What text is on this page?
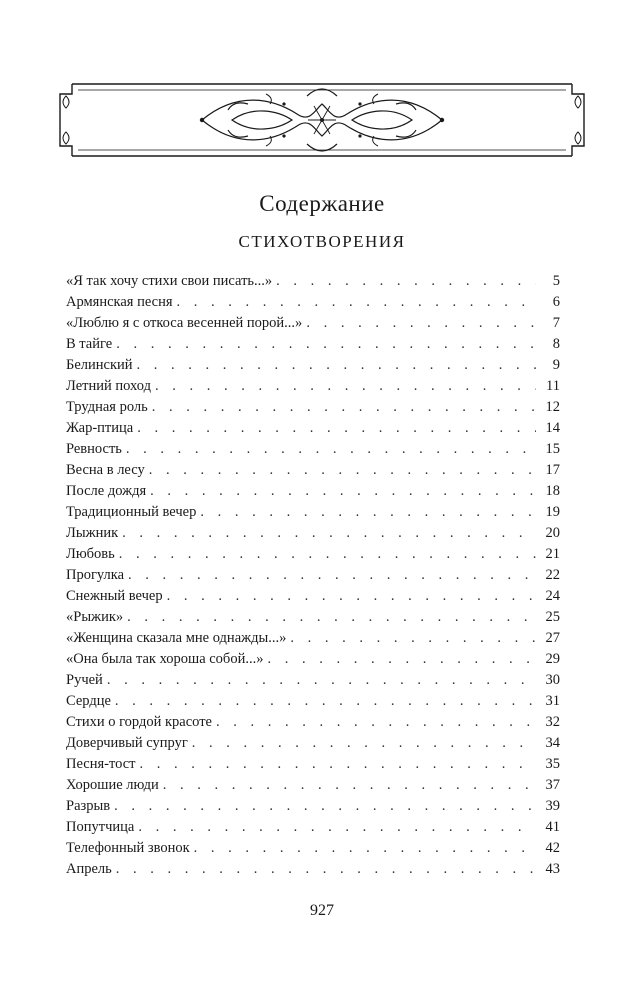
Содержание
СТИХОТВОРЕНИЯ
«Я так хочу стихи свои писать...» . . .	5
Армянская песня . . .	6
«Люблю я с откоса весенней порой...» . . .	7
В тайге . . .	8
Белинский . . .	9
Летний поход . . .	11
Трудная роль . . .	12
Жар-птица . . .	14
Ревность . . .	15
Весна в лесу . . .	17
После дождя . . .	18
Традиционный вечер . . .	19
Лыжник . . .	20
Любовь . . .	21
Прогулка . . .	22
Снежный вечер . . .	24
«Рыжик» . . .	25
«Женщина сказала мне однажды...» . . .	27
«Она была так хороша собой...» . . .	29
Ручей . . .	30
Сердце . . .	31
Стихи о гордой красоте . . .	32
Доверчивый супруг . . .	34
Песня-тост . . .	35
Хорошие люди . . .	37
Разрыв . . .	39
Попутчица . . .	41
Телефонный звонок . . .	42
Апрель . . .	43
927
